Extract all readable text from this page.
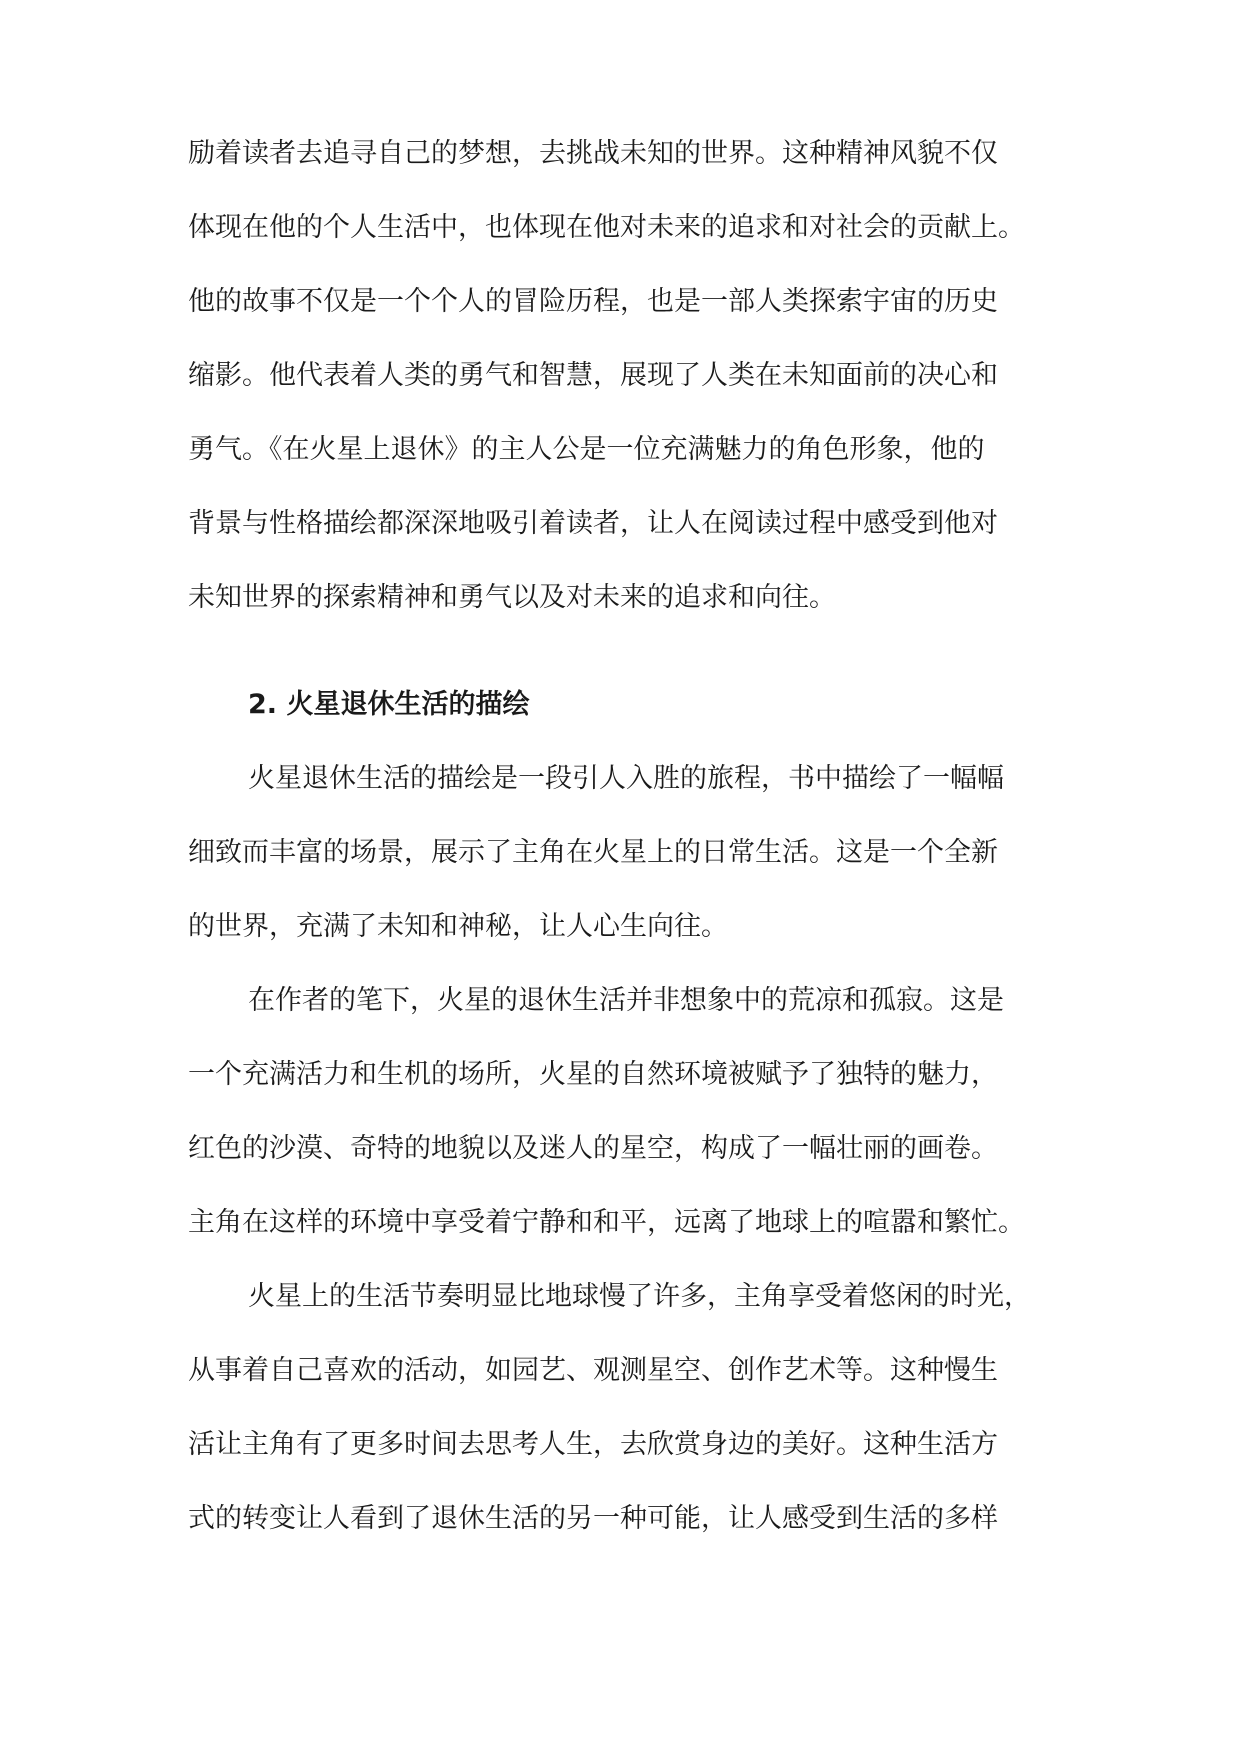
励着读者去追寻自己的梦想，去挑战未知的世界。这种精神风貌不仅
体现在他的个人生活中，也体现在他对未来的追求和对社会的贡献上。
他的故事不仅是一个个人的冒险历程，也是一部人类探索宇宙的历史
缩影。他代表着人类的勇气和智慧，展现了人类在未知面前的决心和
勇气。《在火星上退休》的主人公是一位充满魅力的角色形象，他的
背景与性格描绘都深深地吸引着读者，让人在阅读过程中感受到他对
未知世界的探索精神和勇气以及对未来的追求和向往。
2. 火星退休生活的描绘
火星退休生活的描绘是一段引人入胜的旅程，书中描绘了一幅幅
细致而丰富的场景，展示了主角在火星上的日常生活。这是一个全新
的世界，充满了未知和神秘，让人心生向往。
在作者的笔下，火星的退休生活并非想象中的荒凉和孤寂。这是
一个充满活力和生机的场所，火星的自然环境被赋予了独特的魅力，
红色的沙漠、奇特的地貌以及迷人的星空，构成了一幅壮丽的画卷。
主角在这样的环境中享受着宁静和和平，远离了地球上的喧嚣和繁忙。
火星上的生活节奏明显比地球慢了许多，主角享受着悠闲的时光，
从事着自己喜欢的活动，如园艺、观测星空、创作艺术等。这种慢生
活让主角有了更多时间去思考人生，去欣赏身边的美好。这种生活方
式的转变让人看到了退休生活的另一种可能，让人感受到生活的多样
